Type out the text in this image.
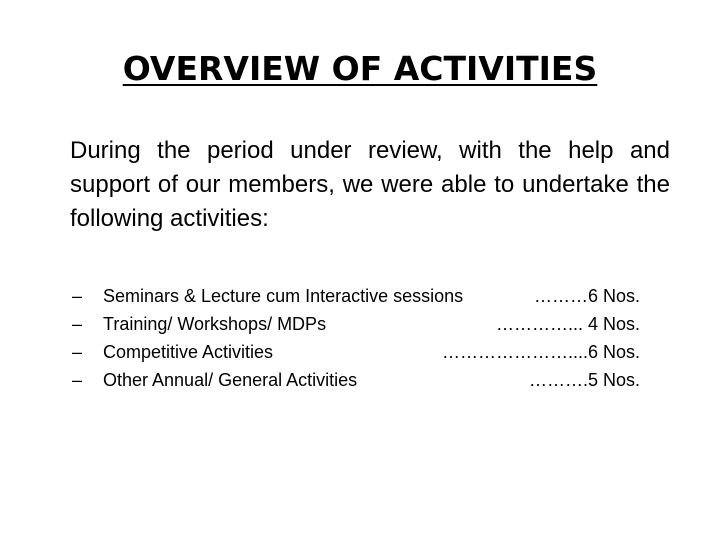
OVERVIEW OF ACTIVITIES

During the period under review, with the help and support of our members, we were able to undertake the following activities:

–	Seminars & Lecture cum Interactive sessions	………6 Nos.
–	Training/ Workshops/ MDPs	…………... 4 Nos.
–	Competitive Activities	…………………....6 Nos.
–	Other Annual/ General Activities	……….5 Nos.
